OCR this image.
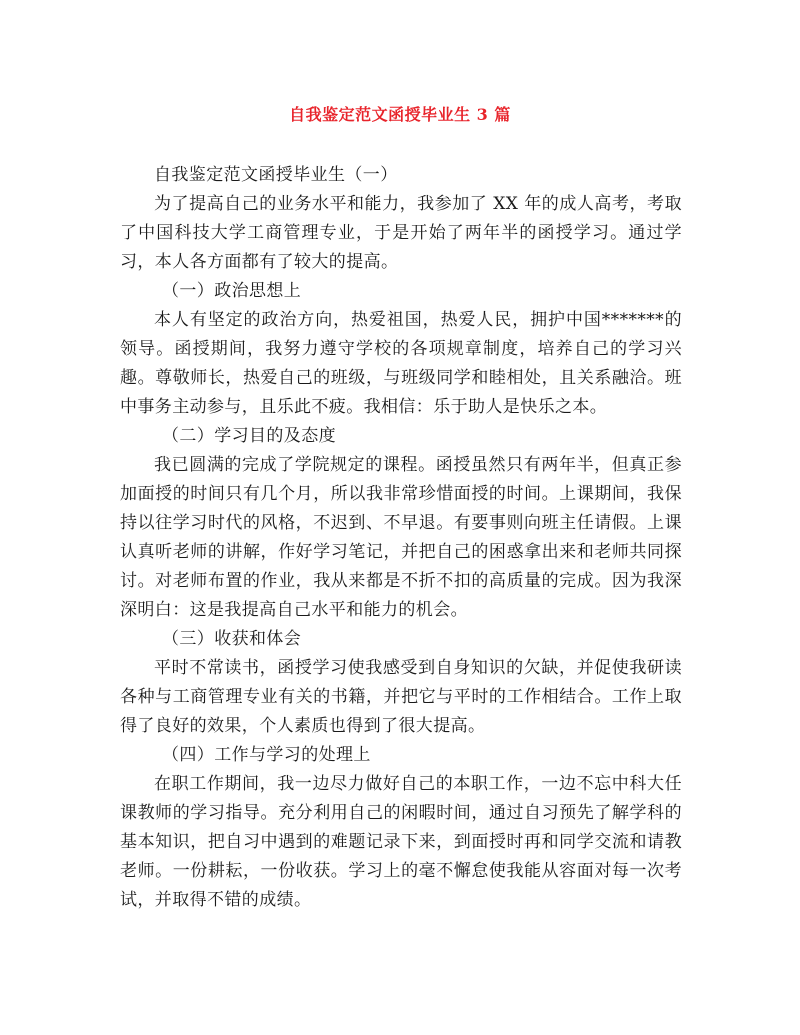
自我鉴定范文函授毕业生 3 篇

自我鉴定范文函授毕业生（一）

为了提高自己的业务水平和能力，我参加了 XX 年的成人高考，考取了中国科技大学工商管理专业，于是开始了两年半的函授学习。通过学习，本人各方面都有了较大的提高。

（一）政治思想上

本人有坚定的政治方向，热爱祖国，热爱人民，拥护中国*******的领导。函授期间，我努力遵守学校的各项规章制度，培养自己的学习兴趣。尊敬师长，热爱自己的班级，与班级同学和睦相处，且关系融洽。班中事务主动参与，且乐此不疲。我相信：乐于助人是快乐之本。

（二）学习目的及态度

我已圆满的完成了学院规定的课程。函授虽然只有两年半，但真正参加面授的时间只有几个月，所以我非常珍惜面授的时间。上课期间，我保持以往学习时代的风格，不迟到、不早退。有要事则向班主任请假。上课认真听老师的讲解，作好学习笔记，并把自己的困惑拿出来和老师共同探讨。对老师布置的作业，我从来都是不折不扣的高质量的完成。因为我深深明白：这是我提高自己水平和能力的机会。

（三）收获和体会

平时不常读书，函授学习使我感受到自身知识的欠缺，并促使我研读各种与工商管理专业有关的书籍，并把它与平时的工作相结合。工作上取得了良好的效果，个人素质也得到了很大提高。

（四）工作与学习的处理上

在职工作期间，我一边尽力做好自己的本职工作，一边不忘中科大任课教师的学习指导。充分利用自己的闲暇时间，通过自习预先了解学科的基本知识，把自习中遇到的难题记录下来，到面授时再和同学交流和请教老师。一份耕耘，一份收获。学习上的毫不懈怠使我能从容面对每一次考试，并取得不错的成绩。
